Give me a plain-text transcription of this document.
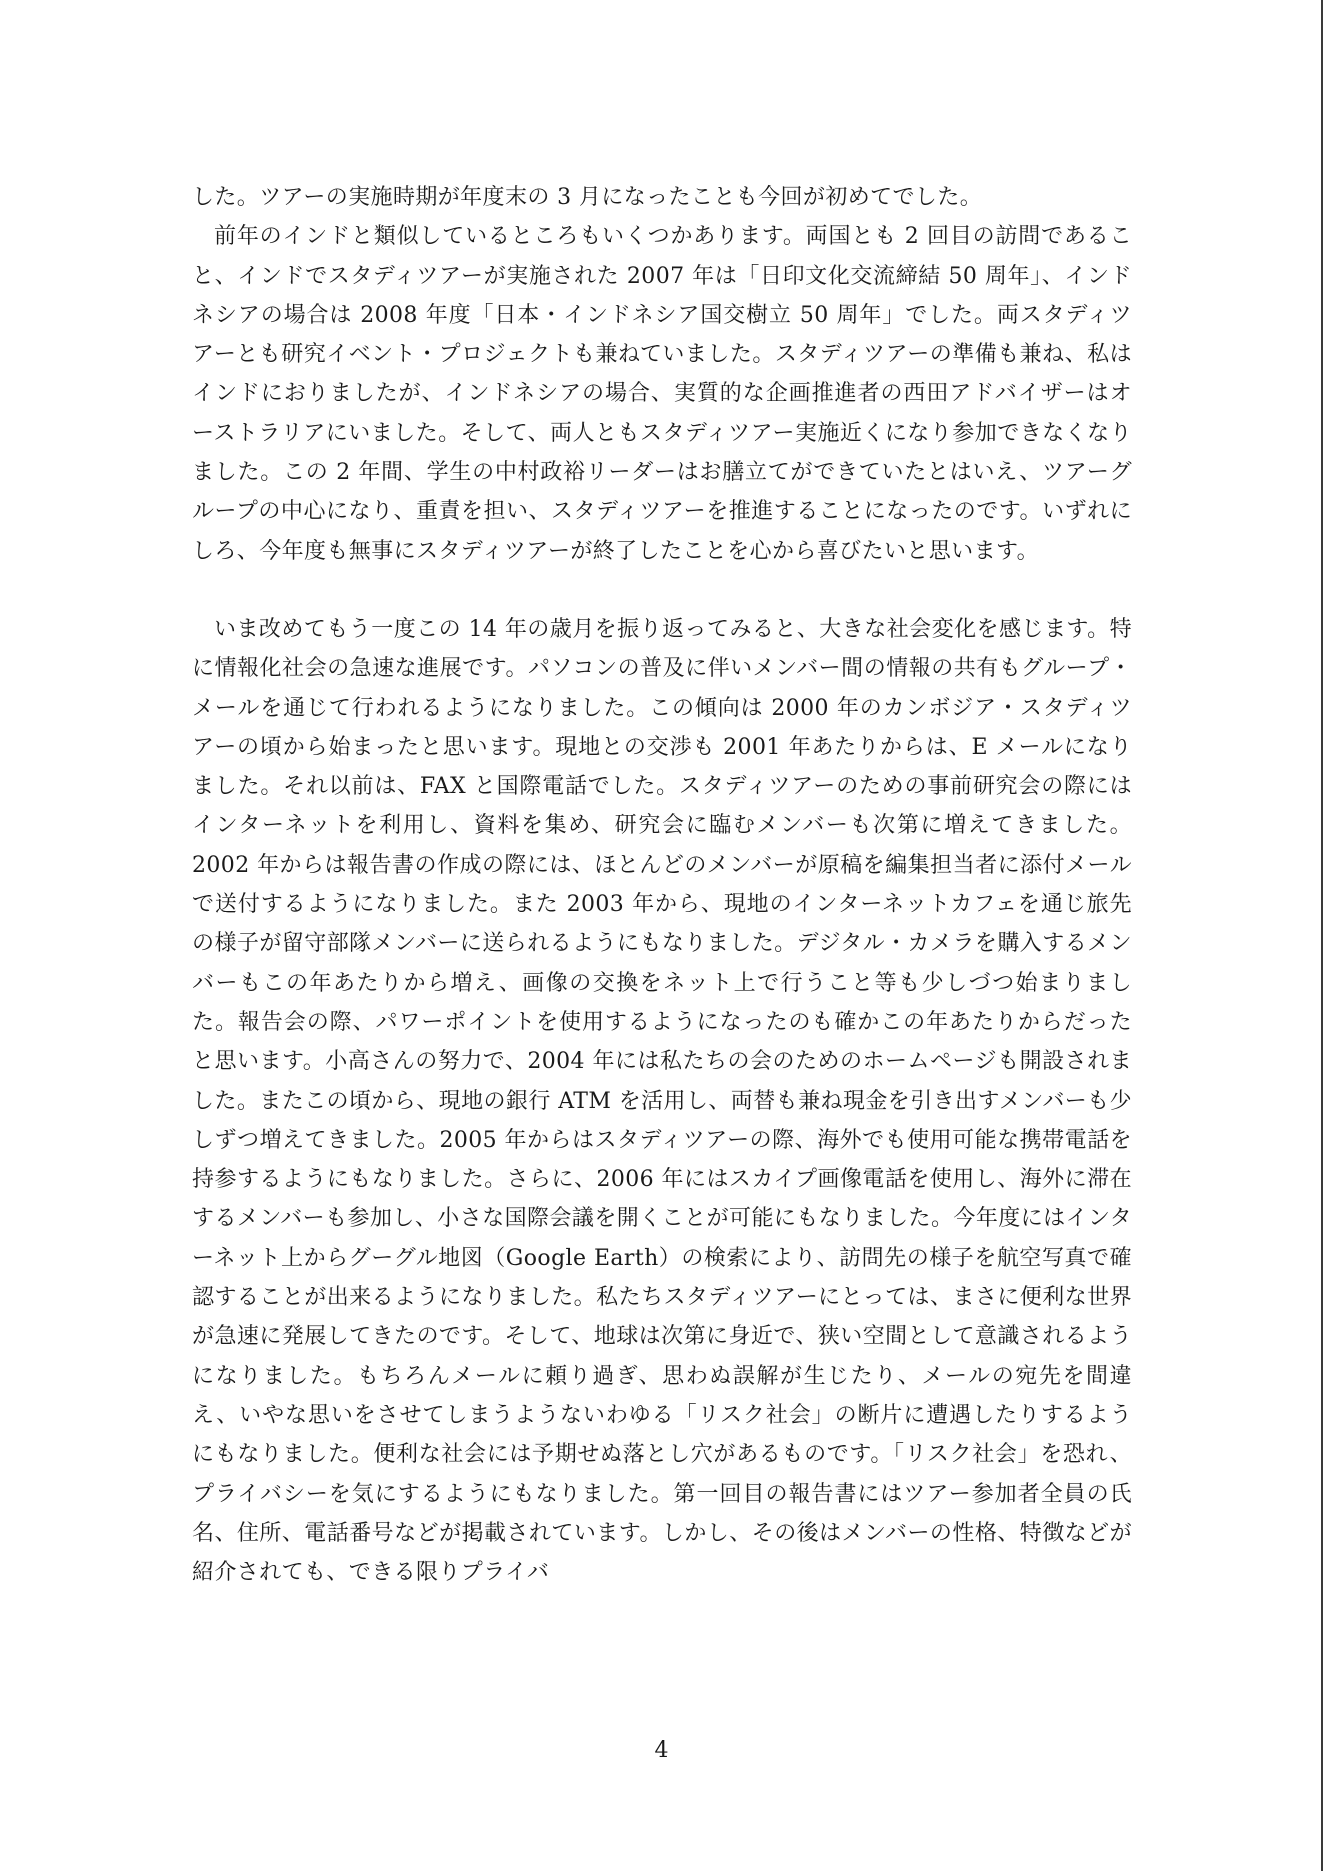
した。ツアーの実施時期が年度末の 3 月になったことも今回が初めてでした。

前年のインドと類似しているところもいくつかあります。両国とも 2 回目の訪問であること、インドでスタディツアーが実施された 2007 年は「日印文化交流締結 50 周年」、インドネシアの場合は 2008 年度「日本・インドネシア国交樹立 50 周年」でした。両スタディツアーとも研究イベント・プロジェクトも兼ねていました。スタディツアーの準備も兼ね、私はインドにおりましたが、インドネシアの場合、実質的な企画推進者の西田アドバイザーはオーストラリアにいました。そして、両人ともスタディツアー実施近くになり参加できなくなりました。この 2 年間、学生の中村政裕リーダーはお膳立てができていたとはいえ、ツアーグループの中心になり、重責を担い、スタディツアーを推進することになったのです。いずれにしろ、今年度も無事にスタディツアーが終了したことを心から喜びたいと思います。

いま改めてもう一度この 14 年の歳月を振り返ってみると、大きな社会変化を感じます。特に情報化社会の急速な進展です。パソコンの普及に伴いメンバー間の情報の共有もグループ・メールを通じて行われるようになりました。この傾向は 2000 年のカンボジア・スタディツアーの頃から始まったと思います。現地との交渉も 2001 年あたりからは、E メールになりました。それ以前は、FAX と国際電話でした。スタディツアーのための事前研究会の際にはインターネットを利用し、資料を集め、研究会に臨むメンバーも次第に増えてきました。2002 年からは報告書の作成の際には、ほとんどのメンバーが原稿を編集担当者に添付メールで送付するようになりました。また 2003 年から、現地のインターネットカフェを通じ旅先の様子が留守部隊メンバーに送られるようにもなりました。デジタル・カメラを購入するメンバーもこの年あたりから増え、画像の交換をネット上で行うこと等も少しづつ始まりました。報告会の際、パワーポイントを使用するようになったのも確かこの年あたりからだったと思います。小高さんの努力で、2004 年には私たちの会のためのホームページも開設されました。またこの頃から、現地の銀行 ATM を活用し、両替も兼ね現金を引き出すメンバーも少しずつ増えてきました。2005 年からはスタディツアーの際、海外でも使用可能な携帯電話を持参するようにもなりました。さらに、2006 年にはスカイプ画像電話を使用し、海外に滞在するメンバーも参加し、小さな国際会議を開くことが可能にもなりました。今年度にはインターネット上からグーグル地図（Google Earth）の検索により、訪問先の様子を航空写真で確認することが出来るようになりました。私たちスタディツアーにとっては、まさに便利な世界が急速に発展してきたのです。そして、地球は次第に身近で、狭い空間として意識されるようになりました。もちろんメールに頼り過ぎ、思わぬ誤解が生じたり、メールの宛先を間違え、いやな思いをさせてしまうようないわゆる「リスク社会」の断片に遭遇したりするようにもなりました。便利な社会には予期せぬ落とし穴があるものです。「リスク社会」を恐れ、プライバシーを気にするようにもなりました。第一回目の報告書にはツアー参加者全員の氏名、住所、電話番号などが掲載されています。しかし、その後はメンバーの性格、特徴などが紹介されても、できる限りプライバ

4
